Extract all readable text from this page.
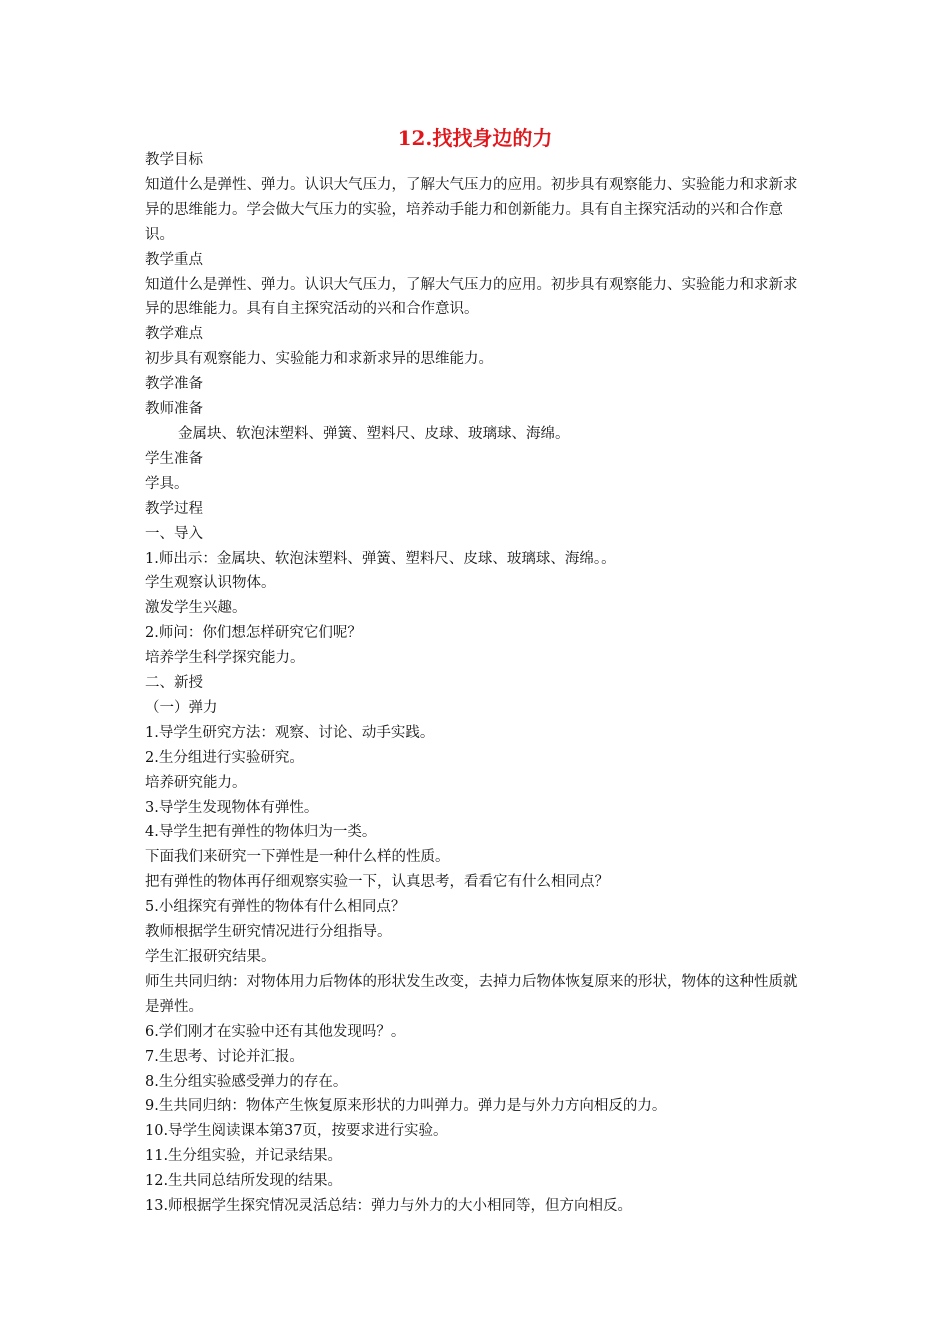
12.找找身边的力

教学目标

知道什么是弹性、弹力。认识大气压力，了解大气压力的应用。初步具有观察能力、实验能力和求新求异的思维能力。学会做大气压力的实验，培养动手能力和创新能力。具有自主探究活动的兴和合作意识。

教学重点

知道什么是弹性、弹力。认识大气压力，了解大气压力的应用。初步具有观察能力、实验能力和求新求异的思维能力。具有自主探究活动的兴和合作意识。

教学难点

初步具有观察能力、实验能力和求新求异的思维能力。

教学准备

教师准备

金属块、软泡沫塑料、弹簧、塑料尺、皮球、玻璃球、海绵。

学生准备

学具。

教学过程

一、导入

1.师出示：金属块、软泡沫塑料、弹簧、塑料尺、皮球、玻璃球、海绵。。

学生观察认识物体。

激发学生兴趣。

2.师问：你们想怎样研究它们呢？

培养学生科学探究能力。

二、新授

（一）弹力

1.导学生研究方法：观察、讨论、动手实践。

2.生分组进行实验研究。

培养研究能力。

3.导学生发现物体有弹性。

4.导学生把有弹性的物体归为一类。

下面我们来研究一下弹性是一种什么样的性质。

把有弹性的物体再仔细观察实验一下，认真思考，看看它有什么相同点？

5.小组探究有弹性的物体有什么相同点？

教师根据学生研究情况进行分组指导。

学生汇报研究结果。

师生共同归纳：对物体用力后物体的形状发生改变，去掉力后物体恢复原来的形状，物体的这种性质就是弹性。

6.学们刚才在实验中还有其他发现吗？。

7.生思考、讨论并汇报。

8.生分组实验感受弹力的存在。

9.生共同归纳：物体产生恢复原来形状的力叫弹力。弹力是与外力方向相反的力。

10.导学生阅读课本第37页，按要求进行实验。

11.生分组实验，并记录结果。

12.生共同总结所发现的结果。

13.师根据学生探究情况灵活总结：弹力与外力的大小相同等，但方向相反。
